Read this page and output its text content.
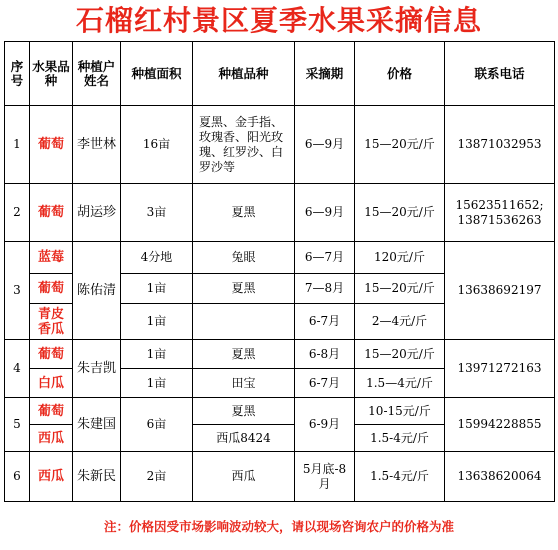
石榴红村景区夏季水果采摘信息
序号	水果品种	种植户姓名	种植面积	种植品种	采摘期	价格	联系电话
1	葡萄	李世林	16亩	夏黑、金手指、玫瑰香、阳光玫瑰、红罗沙、白罗沙等	6—9月	15—20元/斤	13871032953
2	葡萄	胡运珍	3亩	夏黑	6—9月	15—20元/斤	15623511652;
13871536263

3	蓝莓	陈佑清	4分地	兔眼	6—7月	120元/斤	13638692197
	葡萄		1亩	夏黑	7—8月	15—20元/斤	
	青皮香瓜		1亩		6-7月	2—4元/斤	
4	葡萄	朱吉凯	1亩	夏黑	6-8月	15—20元/斤	13971272163
	白瓜		1亩	田宝	6-7月	1.5—4元/斤	
5	葡萄	朱建国	6亩	夏黑	6-9月	10-15元/斤	15994228855
	西瓜			西瓜8424		1.5-4元/斤	
6	西瓜	朱新民	2亩	西瓜	5月底-8月	1.5-4元/斤	13638620064
注：价格因受市场影响波动较大，请以现场咨询农户的价格为准
